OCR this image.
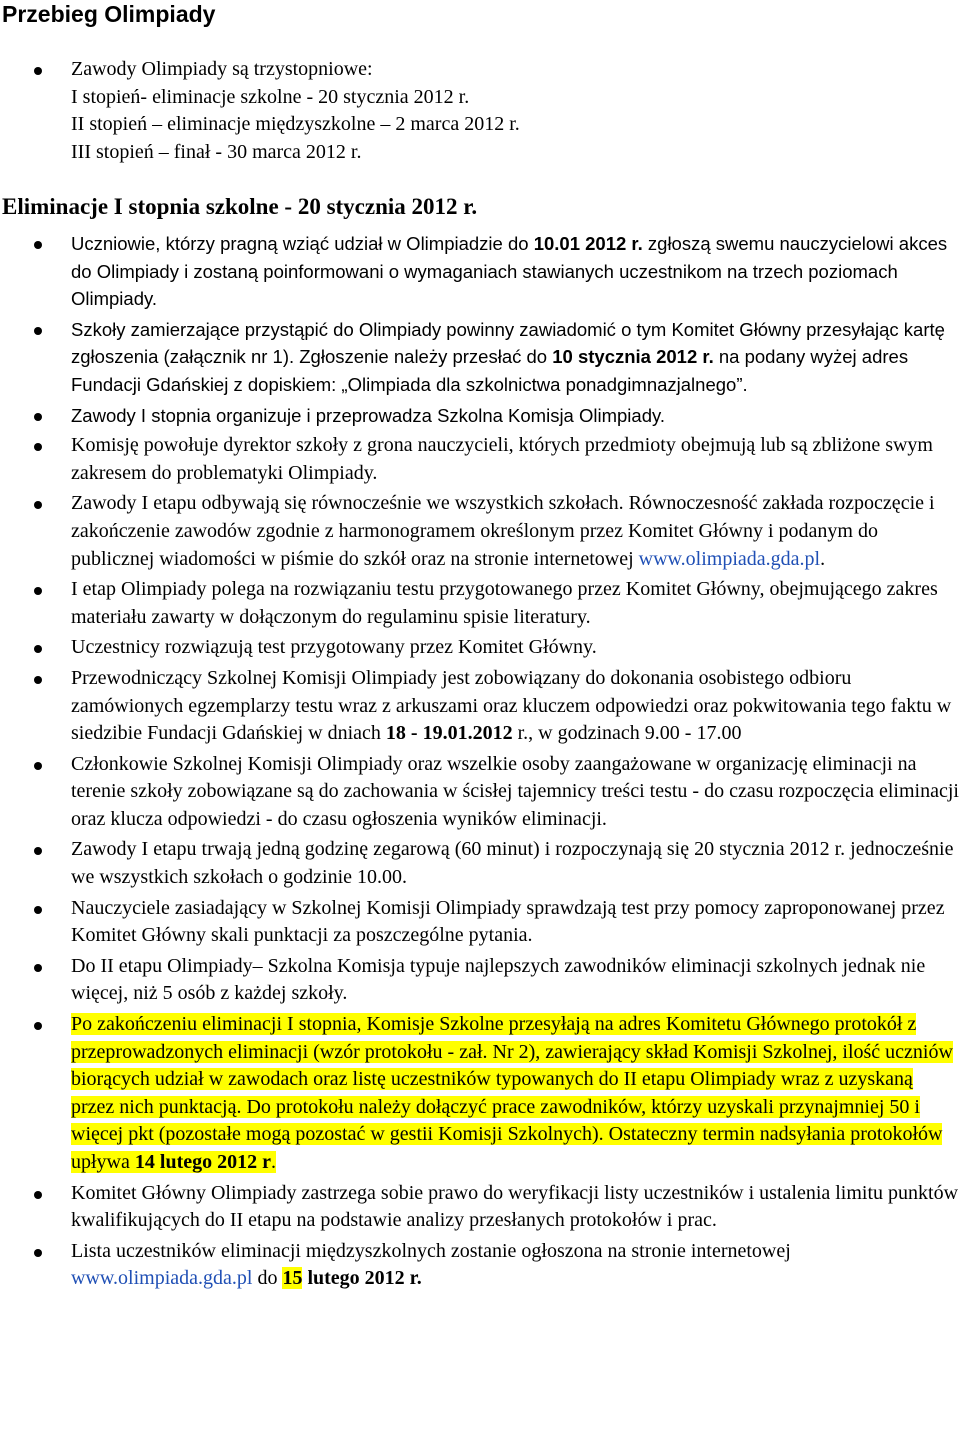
Przebieg Olimpiady
Zawody Olimpiady są trzystopniowe:
I stopień- eliminacje szkolne - 20 stycznia 2012 r.
II stopień – eliminacje międzyszkolne – 2 marca 2012 r.
III stopień – finał - 30 marca 2012 r.
Eliminacje I stopnia szkolne - 20 stycznia 2012 r.
Uczniowie, którzy pragną wziąć udział w Olimpiadzie do 10.01 2012 r. zgłoszą swemu nauczycielowi akces do Olimpiady i zostaną poinformowani o wymaganiach stawianych uczestnikom na trzech poziomach Olimpiady.
Szkoły zamierzające przystąpić do Olimpiady powinny zawiadomić o tym Komitet Główny przesyłając kartę zgłoszenia (załącznik nr 1). Zgłoszenie należy przesłać do 10 stycznia 2012 r. na podany wyżej adres Fundacji Gdańskiej z dopiskiem: „Olimpiada dla szkolnictwa ponadgimnazjalnego”.
Zawody I stopnia organizuje i przeprowadza Szkolna Komisja Olimpiady.
Komisję powołuje dyrektor szkoły z grona nauczycieli, których przedmioty obejmują lub są zbliżone swym zakresem do problematyki Olimpiady.
Zawody I etapu odbywają się równocześnie we wszystkich szkołach. Równoczesność zakłada rozpoczęcie i zakończenie zawodów zgodnie z harmonogramem określonym przez Komitet Główny i podanym do publicznej wiadomości w piśmie do szkół oraz na stronie internetowej www.olimpiada.gda.pl.
I etap Olimpiady polega na rozwiązaniu testu przygotowanego przez Komitet Główny, obejmującego zakres materiału zawarty w dołączonym do regulaminu spisie literatury.
Uczestnicy rozwiązują test przygotowany przez Komitet Główny.
Przewodniczący Szkolnej Komisji Olimpiady jest zobowiązany do dokonania osobistego odbioru zamówionych egzemplarzy testu wraz z arkuszami oraz kluczem odpowiedzi oraz pokwitowania tego faktu w siedzibie Fundacji Gdańskiej w dniach 18 - 19.01.2012 r., w godzinach 9.00 - 17.00
Członkowie Szkolnej Komisji Olimpiady oraz wszelkie osoby zaangażowane w organizację eliminacji na terenie szkoły zobowiązane są do zachowania w ścisłej tajemnicy treści testu - do czasu rozpoczęcia eliminacji oraz klucza odpowiedzi - do czasu ogłoszenia wyników eliminacji.
Zawody I etapu trwają jedną godzinę zegarową (60 minut) i rozpoczynają się 20 stycznia 2012 r. jednocześnie we wszystkich szkołach o godzinie 10.00.
Nauczyciele zasiadający w Szkolnej Komisji Olimpiady sprawdzają test przy pomocy zaproponowanej przez Komitet Główny skali punktacji za poszczególne pytania.
Do II etapu Olimpiady– Szkolna Komisja typuje najlepszych zawodników eliminacji szkolnych jednak nie więcej, niż 5 osób z każdej szkoły.
Po zakończeniu eliminacji I stopnia, Komisje Szkolne przesyłają na adres Komitetu Głównego protokół z przeprowadzonych eliminacji (wzór protokołu - zał. Nr 2), zawierający skład Komisji Szkolnej, ilość uczniów biorących udział w zawodach oraz listę uczestników typowanych do II etapu Olimpiady wraz z uzyskaną przez nich punktacją. Do protokołu należy dołączyć prace zawodników, którzy uzyskali przynajmniej 50 i więcej pkt (pozostałe mogą pozostać w gestii Komisji Szkolnych). Ostateczny termin nadsyłania protokołów upływa 14 lutego 2012 r.
Komitet Główny Olimpiady zastrzega sobie prawo do weryfikacji listy uczestników i ustalenia limitu punktów kwalifikujących do II etapu na podstawie analizy przesłanych protokołów i prac.
Lista uczestników eliminacji międzyszkolnych zostanie ogłoszona na stronie internetowej www.olimpiada.gda.pl do 15 lutego 2012 r.
